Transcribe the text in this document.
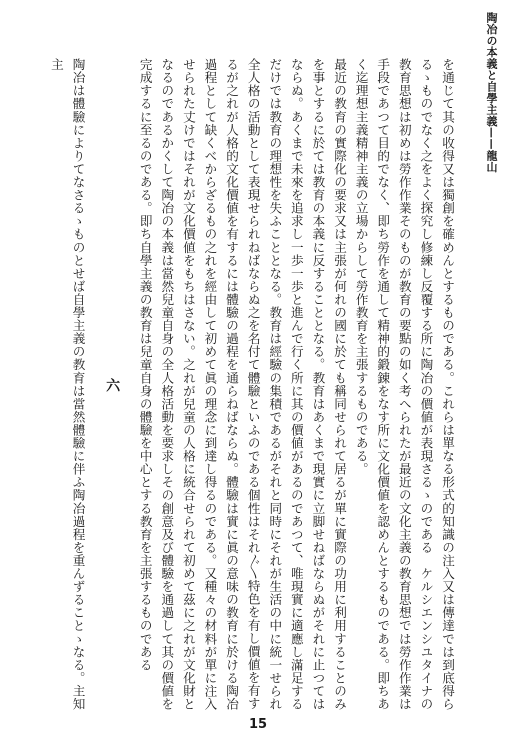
陶冶の本義と自學主義——龍山

を通じて其の收得又は獨創を確めんとするものである。これらは單なる形式的知識の注入又は傳達では到底得らるゝものでなく之をよく探究し修練し反覆する所に陶冶の價値が表現さるゝのである　ケルシエンシユタイナの教育思想は初めは勞作作業そのものが教育の要點の如く考へられたが最近の文化主義の教育思想では勞作作業は手段であつて目的でなく、即ち勞作を通して精神的鍛錬をなす所に文化價値を認めんとするものである。即ちあく迄理想主義精神主義の立場からして勞作教育を主張するものである。

最近の教育の實際化の要求又は主張が何れの國に於ても稱同せられて居るが單に實際の功用に利用することのみを事とするに於ては教育の本義に反することとなる。教育はあくまで現實に立脚せねばならぬがそれに止つてはならぬ。あくまで未來を追求し一歩一歩と進んで行く所に其の價値があるのであつて、唯現實に適應し滿足するだけでは教育の理想性を失ふこととなる。教育は經驗の集積であるがそれと同時にそれが生活の中に統一せられ全人格の活動として表現せられねばならぬ之を名付て體驗といふのである個性はそれ〴〵特色を有し價値を有するが之れが人格的文化價値を有するには體驗の過程を通らねばならぬ。體驗は實に眞の意味の教育に於ける陶冶過程として缺くべからざるもの之れを經由して初めて眞の理念に到達し得るのである。又種々の材料が單に注入せられた丈けではそれが文化價値をもちはさない。之れが兒童の人格に統合せられて初めて茲に之れが文化財となるのであるかくして陶冶の本義は當然兒童自身の全人格活動を要求しその創意及び體驗を通過して其の價値を完成するに至るのである。即ち自學主義の教育は兒童自身の體驗を中心とする教育を主張するものである

六

陶冶は體驗によりてなさるゝものとせば自學主義の教育は當然體驗に伴ふ陶冶過程を重んずることゝなる。主知主

15
